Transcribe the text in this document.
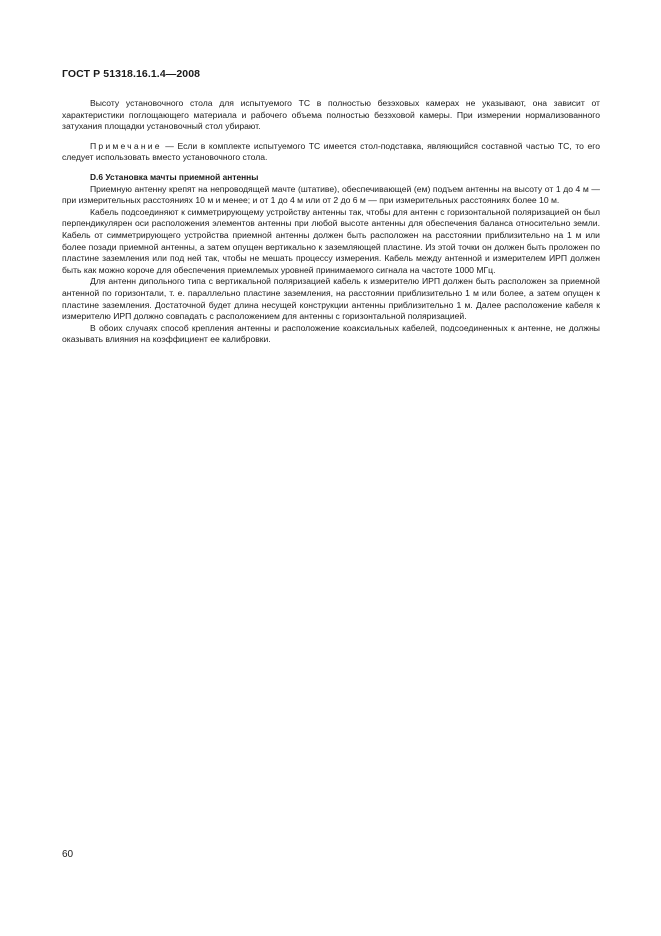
ГОСТ Р 51318.16.1.4—2008

Высоту установочного стола для испытуемого ТС в полностью безэховых камерах не указывают, она зависит от характеристики поглощающего материала и рабочего объема полностью безэховой камеры. При измерении нормализованного затухания площадки установочный стол убирают.

Примечание — Если в комплекте испытуемого ТС имеется стол-подставка, являющийся составной частью ТС, то его следует использовать вместо установочного стола.

D.6 Установка мачты приемной антенны

Приемную антенну крепят на непроводящей мачте (штативе), обеспечивающей (ем) подъем антенны на высоту от 1 до 4 м — при измерительных расстояниях 10 м и менее; и от 1 до 4 м или от 2 до 6 м — при измерительных расстояниях более 10 м.

Кабель подсоединяют к симметрирующему устройству антенны так, чтобы для антенн с горизонтальной поляризацией он был перпендикулярен оси расположения элементов антенны при любой высоте антенны для обеспечения баланса относительно земли. Кабель от симметрирующего устройства приемной антенны должен быть расположен на расстоянии приблизительно на 1 м или более позади приемной антенны, а затем опущен вертикально к заземляющей пластине. Из этой точки он должен быть проложен по пластине заземления или под ней так, чтобы не мешать процессу измерения. Кабель между антенной и измерителем ИРП должен быть как можно короче для обеспечения приемлемых уровней принимаемого сигнала на частоте 1000 МГц.

Для антенн дипольного типа с вертикальной поляризацией кабель к измерителю ИРП должен быть расположен за приемной антенной по горизонтали, т. е. параллельно пластине заземления, на расстоянии приблизительно 1 м или более, а затем опущен к пластине заземления. Достаточной будет длина несущей конструкции антенны приблизительно 1 м. Далее расположение кабеля к измерителю ИРП должно совпадать с расположением для антенны с горизонтальной поляризацией.

В обоих случаях способ крепления антенны и расположение коаксиальных кабелей, подсоединенных к антенне, не должны оказывать влияния на коэффициент ее калибровки.

60
